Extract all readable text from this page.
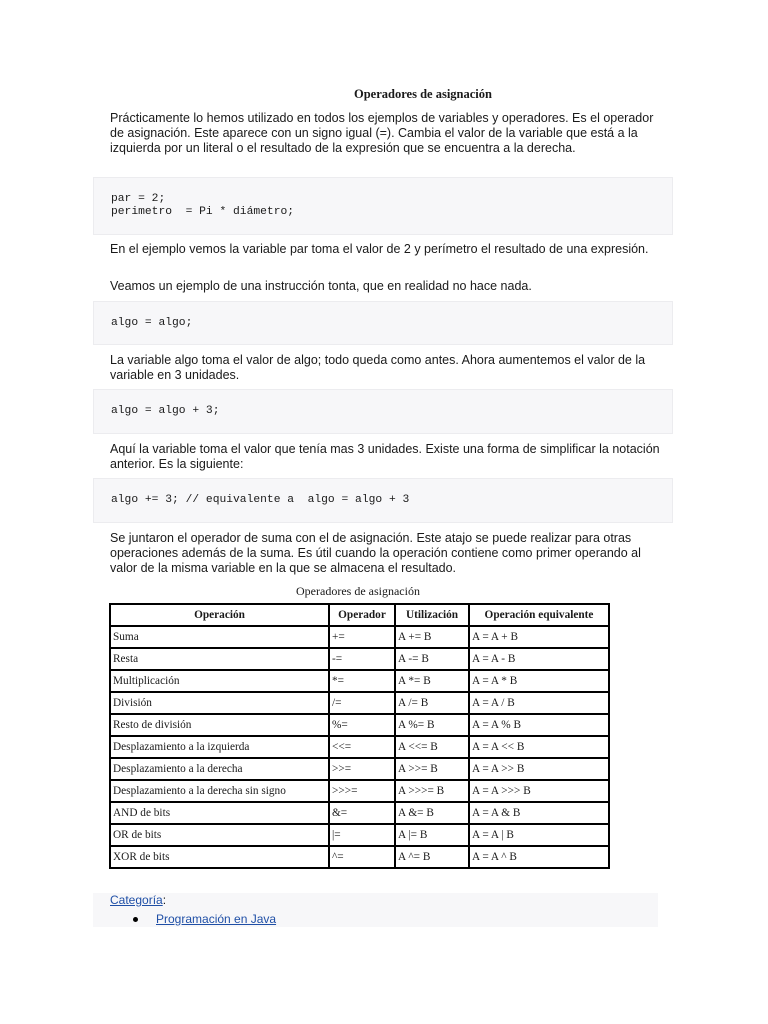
Operadores de asignación

Prácticamente lo hemos utilizado en todos los ejemplos de variables y operadores. Es el operador de asignación. Este aparece con un signo igual (=). Cambia el valor de la variable que está a la izquierda por un literal o el resultado de la expresión que se encuentra a la derecha.

par = 2;
perimetro  = Pi * diámetro;

En el ejemplo vemos la variable par toma el valor de 2 y perímetro el resultado de una expresión.

Veamos un ejemplo de una instrucción tonta, que en realidad no hace nada.

algo = algo;

La variable algo toma el valor de algo; todo queda como antes. Ahora aumentemos el valor de la variable en 3 unidades.

algo = algo + 3;

Aquí la variable toma el valor que tenía mas 3 unidades. Existe una forma de simplificar la notación anterior. Es la siguiente:

algo += 3; // equivalente a  algo = algo + 3

Se juntaron el operador de suma con el de asignación. Este atajo se puede realizar para otras operaciones además de la suma. Es útil cuando la operación contiene como primer operando al valor de la misma variable en la que se almacena el resultado.

Operadores de asignación
Operación	Operador	Utilización	Operación equivalente
Suma	+=	A += B	A = A + B
Resta	-=	A -= B	A = A - B
Multiplicación	*=	A *= B	A = A * B
División	/=	A /= B	A = A / B
Resto de división	%=	A %= B	A = A % B
Desplazamiento a la izquierda	<<=	A <<= B	A = A << B
Desplazamiento a la derecha	>>=	A >>= B	A = A >> B
Desplazamiento a la derecha sin signo	>>>=	A >>>= B	A = A >>> B
AND de bits	&=	A &= B	A = A & B
OR de bits	|=	A |= B	A = A | B
XOR de bits	^=	A ^= B	A = A ^ B
Categoría:
Programación en Java
